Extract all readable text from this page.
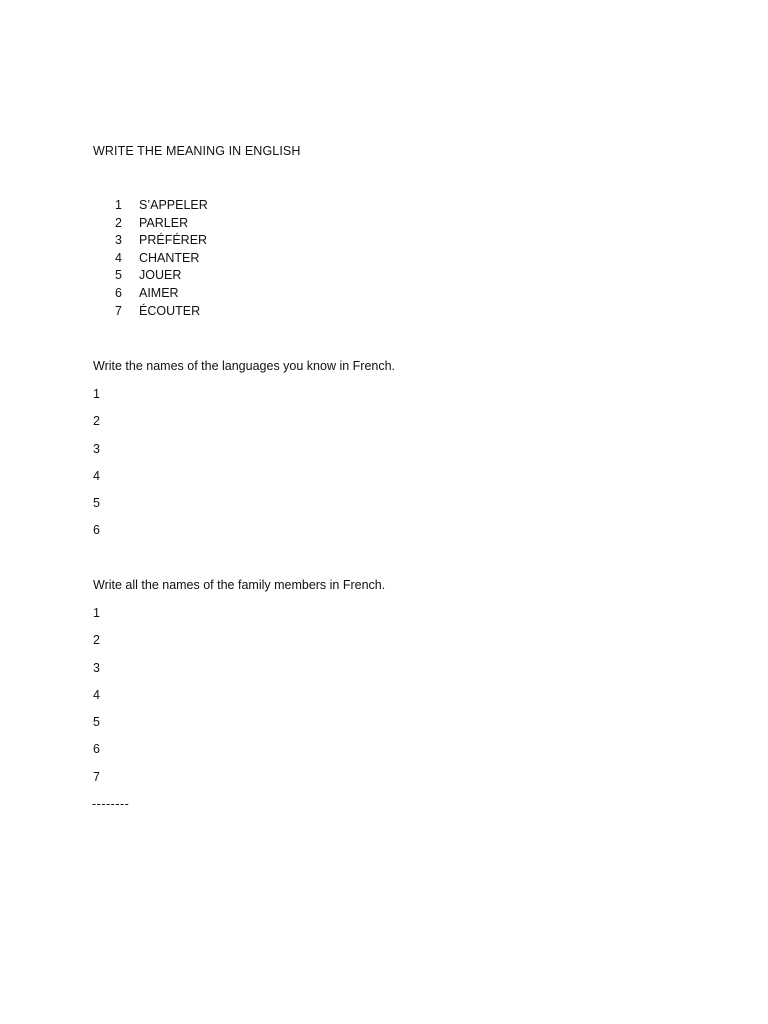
WRITE THE MEANING IN ENGLISH
1 S’APPELER
2 PARLER
3 PRÉFÉRER
4 CHANTER
5 JOUER
6 AIMER
7 ÉCOUTER
Write the names of the languages you know in French.
1
2
3
4
5
6
Write all the names of the family members in French.
1
2
3
4
5
6
7
--------
